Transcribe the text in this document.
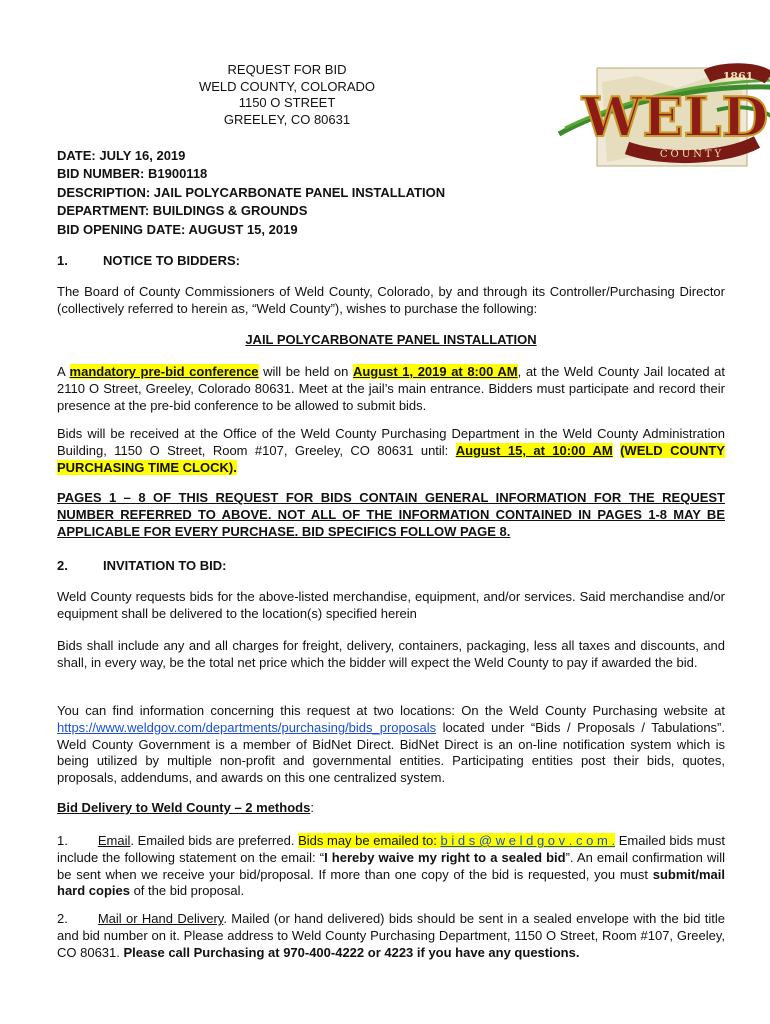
REQUEST FOR BID
WELD COUNTY, COLORADO
1150 O STREET
GREELEY, CO 80631
1861
WELD
COUNTY
DATE: JULY 16, 2019
BID NUMBER: B1900118
DESCRIPTION: JAIL POLYCARBONATE PANEL INSTALLATION
DEPARTMENT: BUILDINGS & GROUNDS
BID OPENING DATE: AUGUST 15, 2019
1.	NOTICE TO BIDDERS:

The Board of County Commissioners of Weld County, Colorado, by and through its Controller/Purchasing Director (collectively referred to herein as, “Weld County”), wishes to purchase the following:

JAIL POLYCARBONATE PANEL INSTALLATION

A mandatory pre-bid conference will be held on August 1, 2019 at 8:00 AM, at the Weld County Jail located at 2110 O Street, Greeley, Colorado 80631. Meet at the jail’s main entrance. Bidders must participate and record their presence at the pre-bid conference to be allowed to submit bids.

Bids will be received at the Office of the Weld County Purchasing Department in the Weld County Administration Building, 1150 O Street, Room #107, Greeley, CO 80631 until: August 15, at 10:00 AM (WELD COUNTY PURCHASING TIME CLOCK).

PAGES 1 – 8 OF THIS REQUEST FOR BIDS CONTAIN GENERAL INFORMATION FOR THE REQUEST NUMBER REFERRED TO ABOVE. NOT ALL OF THE INFORMATION CONTAINED IN PAGES 1-8 MAY BE APPLICABLE FOR EVERY PURCHASE. BID SPECIFICS FOLLOW PAGE 8.

2.	INVITATION TO BID:

Weld County requests bids for the above-listed merchandise, equipment, and/or services. Said merchandise and/or equipment shall be delivered to the location(s) specified herein

Bids shall include any and all charges for freight, delivery, containers, packaging, less all taxes and discounts, and shall, in every way, be the total net price which the bidder will expect the Weld County to pay if awarded the bid.

You can find information concerning this request at two locations: On the Weld County Purchasing website at https://www.weldgov.com/departments/purchasing/bids_proposals located under “Bids / Proposals / Tabulations”. Weld County Government is a member of BidNet Direct. BidNet Direct is an on-line notification system which is being utilized by multiple non-profit and governmental entities. Participating entities post their bids, quotes, proposals, addendums, and awards on this one centralized system.

Bid Delivery to Weld County – 2 methods:

1. Email. Emailed bids are preferred. Bids may be emailed to: b i d s @ w e l d g o v . c o m . Emailed bids must include the following statement on the email: “I hereby waive my right to a sealed bid”. An email confirmation will be sent when we receive your bid/proposal. If more than one copy of the bid is requested, you must submit/mail hard copies of the bid proposal.

2. Mail or Hand Delivery. Mailed (or hand delivered) bids should be sent in a sealed envelope with the bid title and bid number on it. Please address to Weld County Purchasing Department, 1150 O Street, Room #107, Greeley, CO 80631. Please call Purchasing at 970-400-4222 or 4223 if you have any questions.
